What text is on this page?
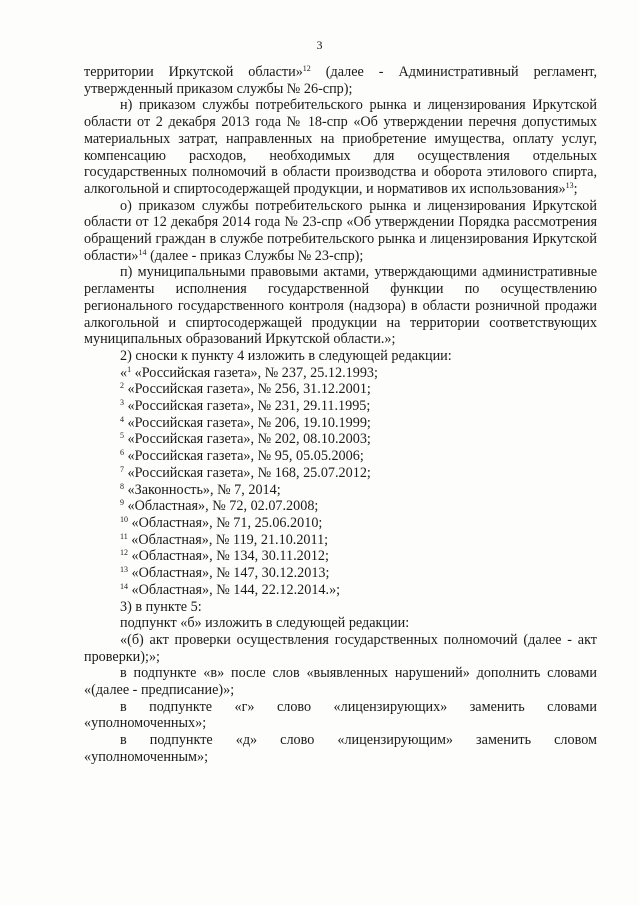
3

территории Иркутской области»$^{12}$ (далее - Административный регламент,

утвержденный приказом службы № 26-спр);

н) приказом службы потребительского рынка и лицензирования Иркутской области от 2 декабря 2013 года № 18-спр «Об утверждении перечня допустимых материальных затрат, направленных на приобретение имущества, оплату услуг, компенсацию расходов, необходимых для осуществления отдельных государственных полномочий в области производства и оборота этилового спирта, алкогольной и спиртосодержащей продукции, и нормативов их использования»$^{13}$;

о) приказом службы потребительского рынка и лицензирования Иркутской области от 12 декабря 2014 года № 23-спр «Об утверждении Порядка рассмотрения обращений граждан в службе потребительского рынка и лицензирования Иркутской области»$^{14}$ (далее - приказ Службы № 23-спр);

п) муниципальными правовыми актами, утверждающими административные регламенты исполнения государственной функции по осуществлению регионального государственного контроля (надзора) в области розничной продажи алкогольной и спиртосодержащей продукции на территории соответствующих муниципальных образований Иркутской области.»;

2) сноски к пункту 4 изложить в следующей редакции:

«$^1$ «Российская газета», № 237, 25.12.1993;

$^2$ «Российская газета», № 256, 31.12.2001;

$^3$ «Российская газета», № 231, 29.11.1995;

$^4$ «Российская газета», № 206, 19.10.1999;

$^5$ «Российская газета», № 202, 08.10.2003;

$^6$ «Российская газета», № 95, 05.05.2006;

$^7$ «Российская газета», № 168, 25.07.2012;

$^8$ «Законность», № 7, 2014;

$^9$ «Областная», № 72, 02.07.2008;

$^{10}$ «Областная», № 71, 25.06.2010;

$^{11}$ «Областная», № 119, 21.10.2011;

$^{12}$ «Областная», № 134, 30.11.2012;

$^{13}$ «Областная», № 147, 30.12.2013;

$^{14}$ «Областная», № 144, 22.12.2014.»;

3) в пункте 5:

подпункт «б» изложить в следующей редакции:

«(б) акт проверки осуществления государственных полномочий (далее - акт проверки);»;

в подпункте «в» после слов «выявленных нарушений» дополнить словами «(далее - предписание)»;

в подпункте «г» слово «лицензирующих» заменить словами «уполномоченных»;

в подпункте «д» слово «лицензирующим» заменить словом «уполномоченным»;
